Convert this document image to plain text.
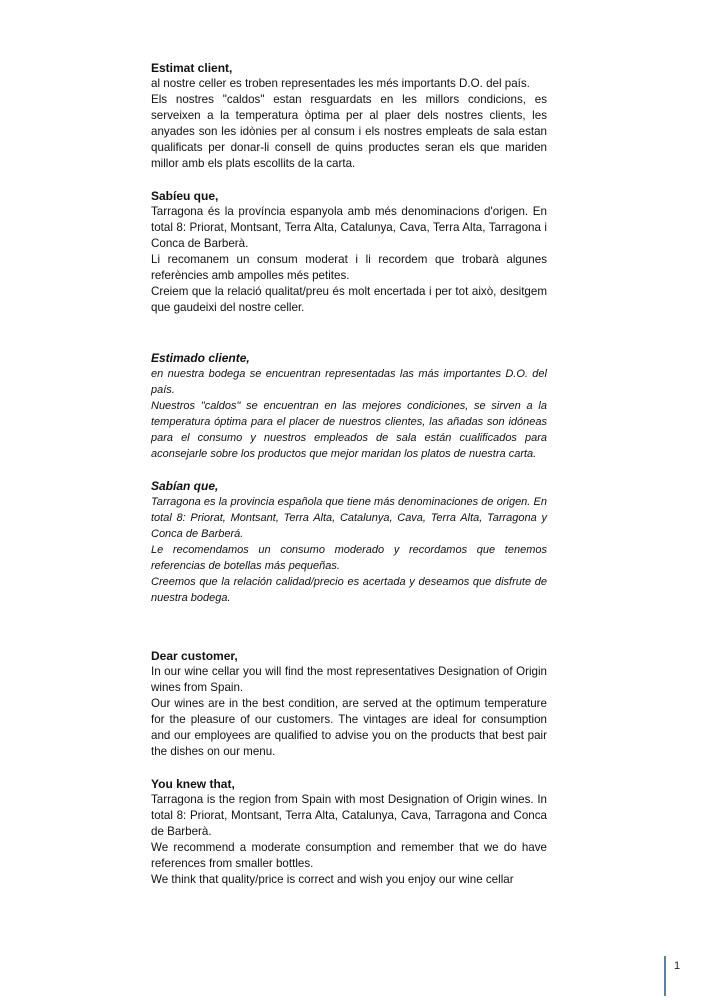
Estimat client,

al nostre celler es troben representades les més importants D.O. del país.

Els nostres "caldos" estan resguardats en les millors condicions, es serveixen a la temperatura òptima per al plaer dels nostres clients, les anyades son les idònies per al consum i els nostres empleats de sala estan qualificats per donar-li consell de quins productes seran els que mariden millor amb els plats escollits de la carta.

Sabíeu que,

Tarragona és la província espanyola amb més denominacions d'origen. En total 8: Priorat, Montsant, Terra Alta, Catalunya, Cava, Terra Alta, Tarragona i Conca de Barberà.

Li recomanem un consum moderat i li recordem que trobarà algunes referències amb ampolles més petites.

Creiem que la relació qualitat/preu és molt encertada i per tot això, desitgem que gaudeixi del nostre celler.

Estimado cliente,

en nuestra bodega se encuentran representadas las más importantes D.O. del país.

Nuestros "caldos" se encuentran en las mejores condiciones, se sirven a la temperatura óptima para el placer de nuestros clientes, las añadas son idóneas para el consumo y nuestros empleados de sala están cualificados para aconsejarle sobre los productos que mejor maridan los platos de nuestra carta.

Sabían que,

Tarragona es la provincia española que tiene más denominaciones de origen. En total 8: Priorat, Montsant, Terra Alta, Catalunya, Cava, Terra Alta, Tarragona y Conca de Barberá.

Le recomendamos un consumo moderado y recordamos que tenemos referencias de botellas más pequeñas.

Creemos que la relación calidad/precio es acertada y deseamos que disfrute de nuestra bodega.

Dear customer,

In our wine cellar you will find the most representatives Designation of Origin wines from Spain.

Our wines are in the best condition, are served at the optimum temperature for the pleasure of our customers. The vintages are ideal for consumption and our employees are qualified to advise you on the products that best pair the dishes on our menu.

You knew that,

Tarragona is the region from Spain with most Designation of Origin wines. In total 8: Priorat, Montsant, Terra Alta, Catalunya, Cava, Tarragona and Conca de Barberà.

We recommend a moderate consumption and remember that we do have references from smaller bottles.

We think that quality/price is correct and wish you enjoy our wine cellar

1
